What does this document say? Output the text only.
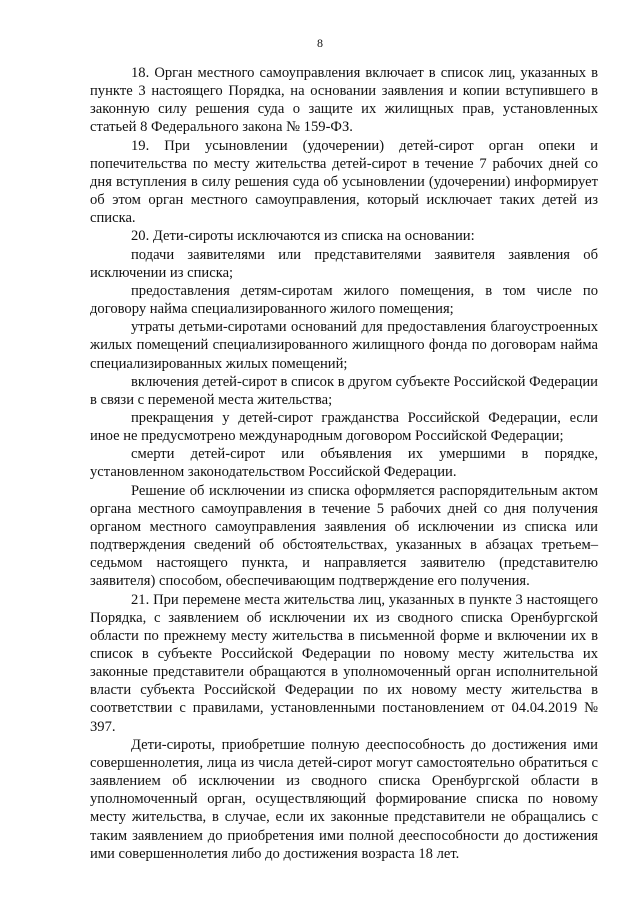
8

18. Орган местного самоуправления включает в список лиц, указанных в пункте 3 настоящего Порядка, на основании заявления и копии вступившего в законную силу решения суда о защите их жилищных прав, установленных статьей 8 Федерального закона № 159-ФЗ.

19. При усыновлении (удочерении) детей-сирот орган опеки и попечительства по месту жительства детей-сирот в течение 7 рабочих дней со дня вступления в силу решения суда об усыновлении (удочерении) информирует об этом орган местного самоуправления, который исключает таких детей из списка.

20. Дети-сироты исключаются из списка на основании:

подачи заявителями или представителями заявителя заявления об исключении из списка;

предоставления детям-сиротам жилого помещения, в том числе по договору найма специализированного жилого помещения;

утраты детьми-сиротами оснований для предоставления благоустроенных жилых помещений специализированного жилищного фонда по договорам найма специализированных жилых помещений;

включения детей-сирот в список в другом субъекте Российской Федерации в связи с переменой места жительства;

прекращения у детей-сирот гражданства Российской Федерации, если иное не предусмотрено международным договором Российской Федерации;

смерти детей-сирот или объявления их умершими в порядке, установленном законодательством Российской Федерации.

Решение об исключении из списка оформляется распорядительным актом органа местного самоуправления в течение 5 рабочих дней со дня получения органом местного самоуправления заявления об исключении из списка или подтверждения сведений об обстоятельствах, указанных в абзацах третьем–седьмом настоящего пункта, и направляется заявителю (представителю заявителя) способом, обеспечивающим подтверждение его получения.

21. При перемене места жительства лиц, указанных в пункте 3 настоящего Порядка, с заявлением об исключении их из сводного списка Оренбургской области по прежнему месту жительства в письменной форме и включении их в список в субъекте Российской Федерации по новому месту жительства их законные представители обращаются в уполномоченный орган исполнительной власти субъекта Российской Федерации по их новому месту жительства в соответствии с правилами, установленными постановлением от 04.04.2019 № 397.

Дети-сироты, приобретшие полную дееспособность до достижения ими совершеннолетия, лица из числа детей-сирот могут самостоятельно обратиться с заявлением об исключении из сводного списка Оренбургской области в уполномоченный орган, осуществляющий формирование списка по новому месту жительства, в случае, если их законные представители не обращались с таким заявлением до приобретения ими полной дееспособности до достижения ими совершеннолетия либо до достижения возраста 18 лет.
